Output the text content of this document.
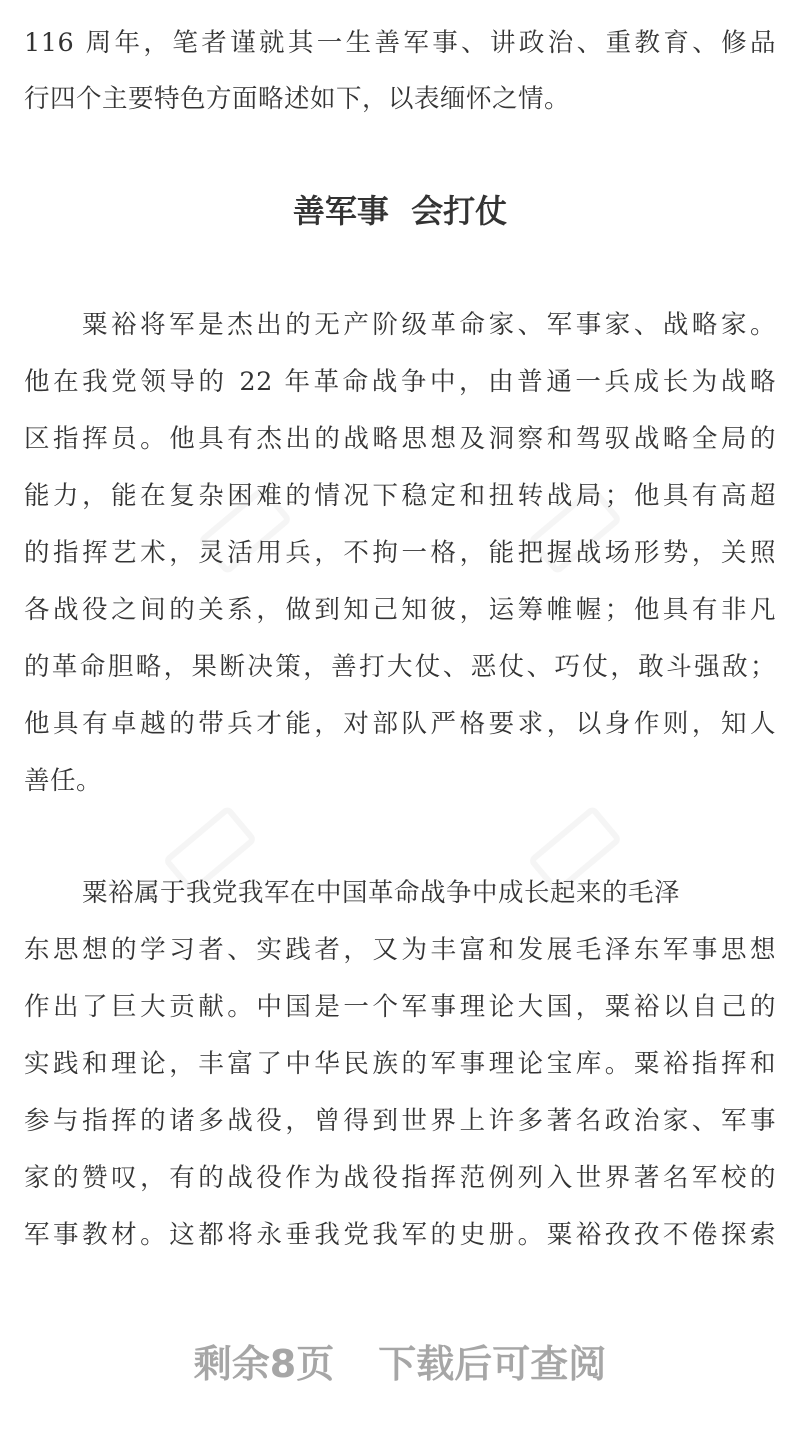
116 周年，笔者谨就其一生善军事、讲政治、重教育、修品
行四个主要特色方面略述如下，以表缅怀之情。
善军事  会打仗
粟裕将军是杰出的无产阶级革命家、军事家、战略家。
他在我党领导的 22 年革命战争中，由普通一兵成长为战略
区指挥员。他具有杰出的战略思想及洞察和驾驭战略全局的
能力，能在复杂困难的情况下稳定和扭转战局；他具有高超
的指挥艺术，灵活用兵，不拘一格，能把握战场形势，关照
各战役之间的关系，做到知己知彼，运筹帷幄；他具有非凡
的革命胆略，果断决策，善打大仗、恶仗、巧仗，敢斗强敌；
他具有卓越的带兵才能，对部队严格要求，以身作则，知人
善任。
粟裕属于我党我军在中国革命战争中成长起来的毛泽
东思想的学习者、实践者，又为丰富和发展毛泽东军事思想
作出了巨大贡献。中国是一个军事理论大国，粟裕以自己的
实践和理论，丰富了中华民族的军事理论宝库。粟裕指挥和
参与指挥的诸多战役，曾得到世界上许多著名政治家、军事
家的赞叹，有的战役作为战役指挥范例列入世界著名军校的
军事教材。这都将永垂我党我军的史册。粟裕孜孜不倦探索
剩余8页 下载后可查阅
